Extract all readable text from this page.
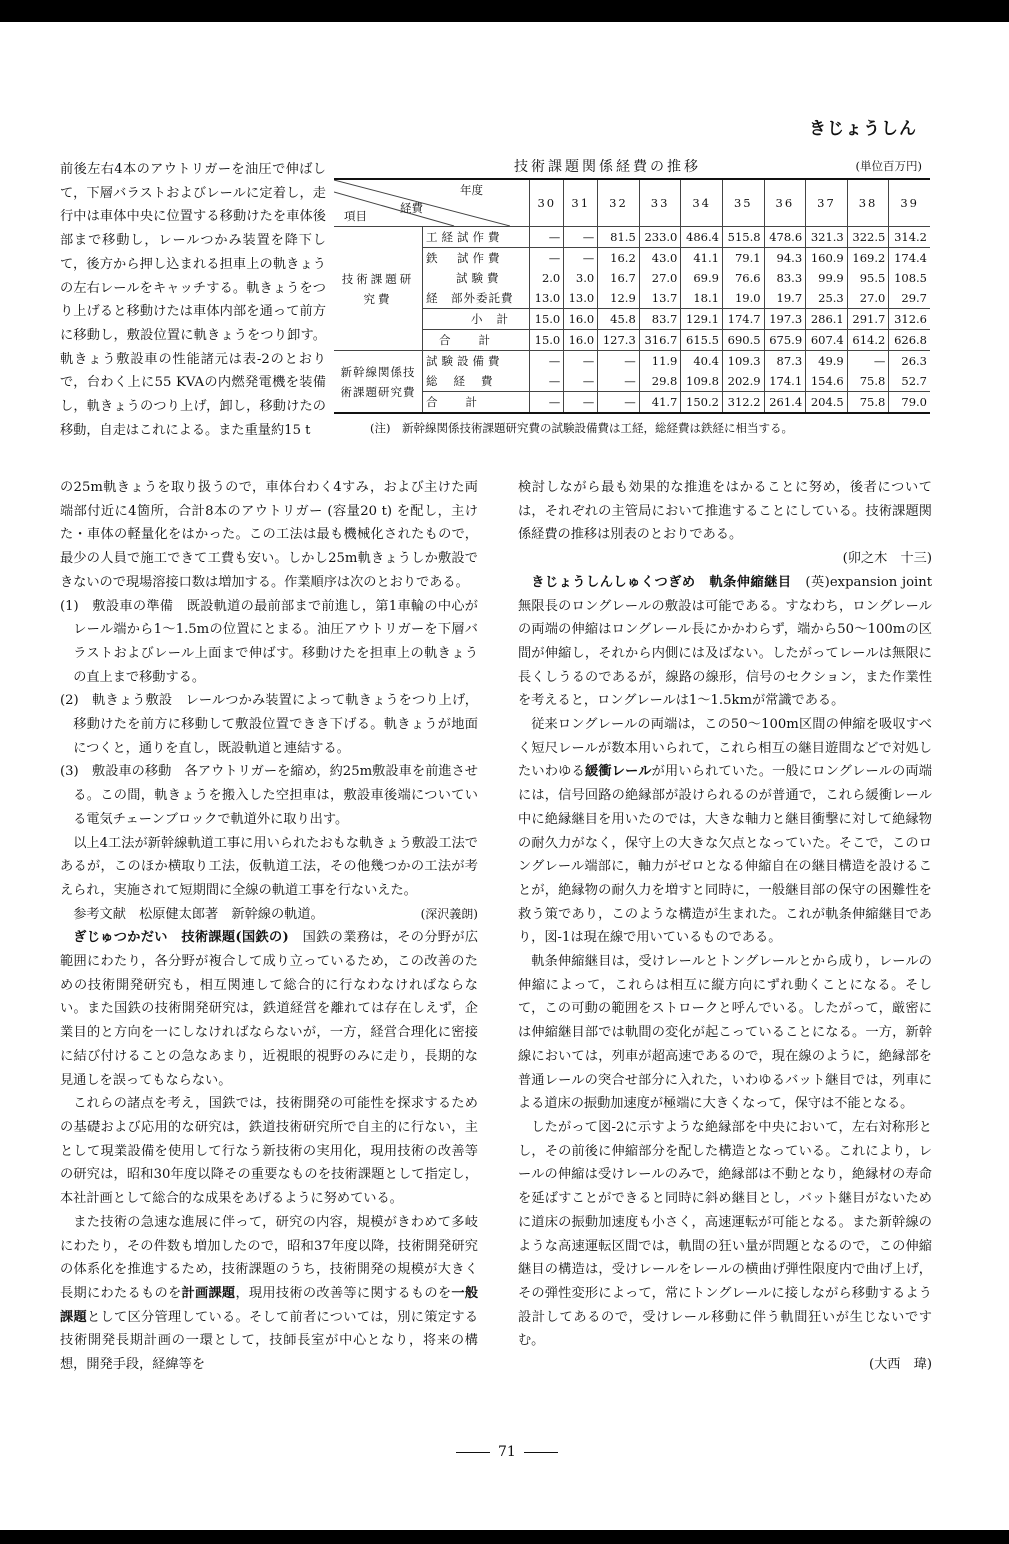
きじょうしん

前後左右4本のアウトリガーを油圧で伸ばして，下層バラストおよびレールに定着し，走行中は車体中央に位置する移動けたを車体後部まで移動し，レールつかみ装置を降下して，後方から押し込まれる担車上の軌きょうの左右レールをキャッチする。軌きょうをつり上げると移動けたは車体内部を通って前方に移動し，敷設位置に軌きょうをつり卸す。軌きょう敷設車の性能諸元は表-2のとおりで，台わく上に55 KVAの内燃発電機を装備し，軌きょうのつり上げ，卸し，移動けたの移動，自走はこれによる。また重量約15 t

技術課題関係経費の推移	(単位百万円)
年度
項目
経費		30	31	32	33	34	35	36	37	38	39
技術課題研究費	工経試作費	—	—	81.5	233.0	486.4	515.8	478.6	321.3	322.5	314.2
	鉄　 試作費	—	—	16.2	43.0	41.1	79.1	94.3	160.9	169.2	174.4
	試験費	2.0	3.0	16.7	27.0	69.9	76.6	83.3	99.9	95.5	108.5
	経　 部外委託費	13.0	13.0	12.9	13.7	18.1	19.0	19.7	25.3	27.0	29.7
	小計	15.0	16.0	45.8	83.7	129.1	174.7	197.3	286.1	291.7	312.6
	合計	15.0	16.0	127.3	316.7	615.5	690.5	675.9	607.4	614.2	626.8
新幹線関係技術課題研究費	試験設備費	—	—	—	11.9	40.4	109.3	87.3	49.9	—	26.3
	総経費	—	—	—	29.8	109.8	202.9	174.1	154.6	75.8	52.7
	合計	—	—	—	41.7	150.2	312.2	261.4	204.5	75.8	79.0
(注)　新幹線関係技術課題研究費の試験設備費は工経，総経費は鉄経に相当する。

の25m軌きょうを取り扱うので，車体台わく4すみ，および主けた両端部付近に4箇所，合計8本のアウトリガー (容量20 t) を配し，主けた・車体の軽量化をはかった。この工法は最も機械化されたもので，最少の人員で施工できて工費も安い。しかし25m軌きょうしか敷設できないので現場溶接口数は増加する。作業順序は次のとおりである。

(1)　敷設車の準備　既設軌道の最前部まで前進し，第1車輪の中心がレール端から1～1.5mの位置にとまる。油圧アウトリガーを下層バラストおよびレール上面まで伸ばす。移動けたを担車上の軌きょうの直上まで移動する。

(2)　軌きょう敷設　レールつかみ装置によって軌きょうをつり上げ，移動けたを前方に移動して敷設位置できき下げる。軌きょうが地面につくと，通りを直し，既設軌道と連結する。

(3)　敷設車の移動　各アウトリガーを縮め，約25m敷設車を前進させる。この間，軌きょうを搬入した空担車は，敷設車後端についている電気チェーンブロックで軌道外に取り出す。

以上4工法が新幹線軌道工事に用いられたおもな軌きょう敷設工法であるが，このほか横取り工法，仮軌道工法，その他幾つかの工法が考えられ，実施されて短期間に全線の軌道工事を行ないえた。

参考文献　松原健太郎著　新幹線の軌道。	(深沢義朗)

ぎじゅつかだい　 技術課題(国鉄の)　 国鉄の業務は，その分野が広範囲にわたり，各分野が複合して成り立っているため，この改善のための技術開発研究も，相互関連して総合的に行なわなければならない。また国鉄の技術開発研究は，鉄道経営を離れては存在しえず，企業目的と方向を一にしなければならないが，一方，経営合理化に密接に結び付けることの急なあまり，近視眼的視野のみに走り，長期的な見通しを誤ってもならない。

これらの諸点を考え，国鉄では，技術開発の可能性を探求するための基礎および応用的な研究は，鉄道技術研究所で自主的に行ない，主として現業設備を使用して行なう新技術の実用化，現用技術の改善等の研究は，昭和30年度以降その重要なものを技術課題として指定し，本社計画として総合的な成果をあげるように努めている。

また技術の急速な進展に伴って，研究の内容，規模がきわめて多岐にわたり，その件数も増加したので，昭和37年度以降，技術開発研究の体系化を推進するため，技術課題のうち，技術開発の規模が大きく長期にわたるものを計画課題，現用技術の改善等に関するものを一般課題として区分管理している。そして前者については，別に策定する技術開発長期計画の一環として，技師長室が中心となり，将来の構想，開発手段，経緯等を

検討しながら最も効果的な推進をはかることに努め，後者については，それぞれの主管局において推進することにしている。技術課題関係経費の推移は別表のとおりである。

(卯之木　十三)

きじょうしんしゅくつぎめ　 軌条伸縮継目　 (英)expansion joint　無限長のロングレールの敷設は可能である。すなわち，ロングレールの両端の伸縮はロングレール長にかかわらず，端から50～100mの区間が伸縮し，それから内側には及ばない。したがってレールは無限に長くしうるのであるが，線路の線形，信号のセクション，また作業性を考えると，ロングレールは1～1.5kmが常識である。

従来ロングレールの両端は，この50～100m区間の伸縮を吸収すべく短尺レールが数本用いられて，これら相互の継目遊間などで対処したいわゆる緩衝レールが用いられていた。一般にロングレールの両端には，信号回路の絶縁部が設けられるのが普通で，これら緩衝レール中に絶縁継目を用いたのでは，大きな軸力と継目衝撃に対して絶縁物の耐久力がなく，保守上の大きな欠点となっていた。そこで，このロングレール端部に，軸力がゼロとなる伸縮自在の継目構造を設けることが，絶縁物の耐久力を増すと同時に，一般継目部の保守の困難性を救う策であり，このような構造が生まれた。これが軌条伸縮継目であり，図-1は現在線で用いているものである。

軌条伸縮継目は，受けレールとトングレールとから成り，レールの伸縮によって，これらは相互に縦方向にずれ動くことになる。そして，この可動の範囲をストロークと呼んでいる。したがって，厳密には伸縮継目部では軌間の変化が起こっていることになる。一方，新幹線においては，列車が超高速であるので，現在線のように，絶縁部を普通レールの突合せ部分に入れた，いわゆるバット継目では，列車による道床の振動加速度が極端に大きくなって，保守は不能となる。

したがって図-2に示すような絶縁部を中央において，左右対称形とし，その前後に伸縮部分を配した構造となっている。これにより，レールの伸縮は受けレールのみで，絶縁部は不動となり，絶縁材の寿命を延ばすことができると同時に斜め継目とし，バット継目がないために道床の振動加速度も小さく，高速運転が可能となる。また新幹線のような高速運転区間では，軌間の狂い量が問題となるので，この伸縮継目の構造は，受けレールをレールの横曲げ弾性限度内で曲げ上げ，その弾性変形によって，常にトングレールに接しながら移動するよう設計してあるので，受けレール移動に伴う軌間狂いが生じないですむ。

(大西　瑋)

71
